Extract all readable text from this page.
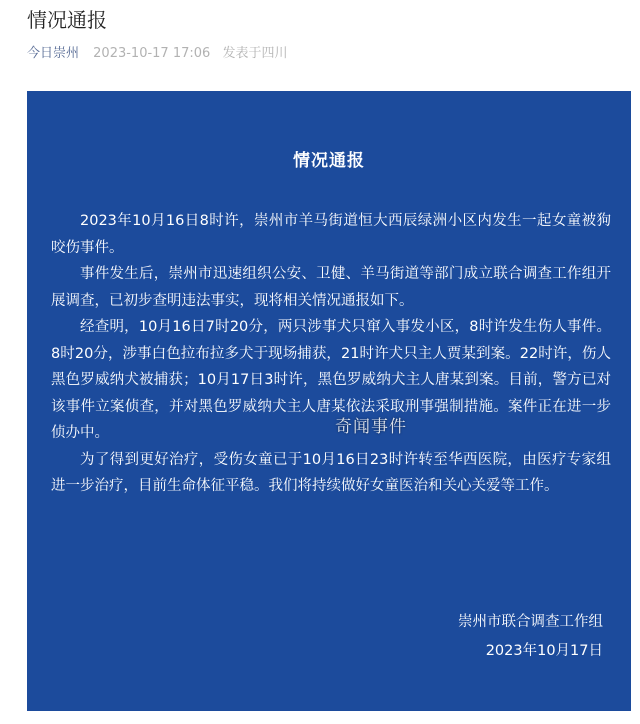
情况通报
今日崇州 2023-10-17 17:06 发表于四川
情况通报

2023年10月16日8时许，崇州市羊马街道恒大西辰绿洲小区内发生一起女童被狗咬伤事件。

事件发生后，崇州市迅速组织公安、卫健、羊马街道等部门成立联合调查工作组开展调查，已初步查明违法事实，现将相关情况通报如下。

经查明，10月16日7时20分，两只涉事犬只窜入事发小区，8时许发生伤人事件。8时20分，涉事白色拉布拉多犬于现场捕获，21时许犬只主人贾某到案。22时许，伤人黑色罗威纳犬被捕获；10月17日3时许，黑色罗威纳犬主人唐某到案。目前，警方已对该事件立案侦查，并对黑色罗威纳犬主人唐某依法采取刑事强制措施。案件正在进一步侦办中。

为了得到更好治疗，受伤女童已于10月16日23时许转至华西医院，由医疗专家组进一步治疗，目前生命体征平稳。我们将持续做好女童医治和关心关爱等工作。

崇州市联合调查工作组
2023年10月17日
奇闻事件
